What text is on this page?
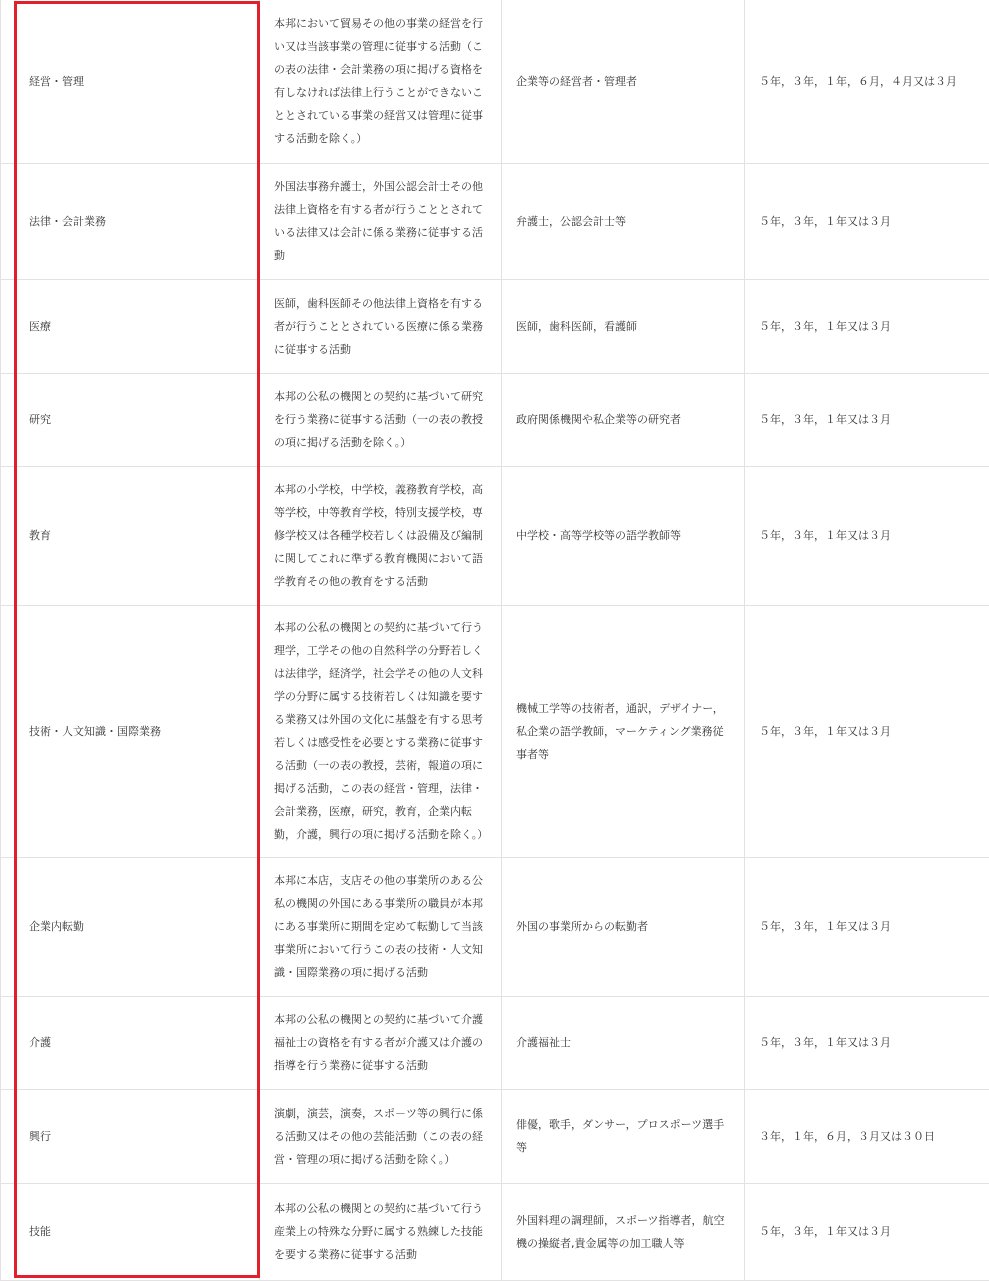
経営・管理	本邦において貿易その他の事業の経営を行い又は当該事業の管理に従事する活動（この表の法律・会計業務の項に掲げる資格を有しなければ法律上行うことができないこととされている事業の経営又は管理に従事する活動を除く。）	企業等の経営者・管理者	５年，３年，１年，６月，４月又は３月
法律・会計業務	外国法事務弁護士，外国公認会計士その他法律上資格を有する者が行うこととされている法律又は会計に係る業務に従事する活動	弁護士，公認会計士等	５年，３年，１年又は３月
医療	医師，歯科医師その他法律上資格を有する者が行うこととされている医療に係る業務に従事する活動	医師，歯科医師，看護師	５年，３年，１年又は３月
研究	本邦の公私の機関との契約に基づいて研究を行う業務に従事する活動（一の表の教授の項に掲げる活動を除く。）	政府関係機関や私企業等の研究者	５年，３年，１年又は３月
教育	本邦の小学校，中学校，義務教育学校，高等学校，中等教育学校，特別支援学校，専修学校又は各種学校若しくは設備及び編制に関してこれに準ずる教育機関において語学教育その他の教育をする活動	中学校・高等学校等の語学教師等	５年，３年，１年又は３月
技術・人文知識・国際業務	本邦の公私の機関との契約に基づいて行う理学，工学その他の自然科学の分野若しくは法律学，経済学，社会学その他の人文科学の分野に属する技術若しくは知識を要する業務又は外国の文化に基盤を有する思考若しくは感受性を必要とする業務に従事する活動（一の表の教授，芸術，報道の項に掲げる活動，この表の経営・管理，法律・会計業務，医療，研究，教育，企業内転勤，介護，興行の項に掲げる活動を除く。）	機械工学等の技術者，通訳，デザイナー，私企業の語学教師，マーケティング業務従事者等	５年，３年，１年又は３月
企業内転勤	本邦に本店，支店その他の事業所のある公私の機関の外国にある事業所の職員が本邦にある事業所に期間を定めて転勤して当該事業所において行うこの表の技術・人文知識・国際業務の項に掲げる活動	外国の事業所からの転勤者	５年，３年，１年又は３月
介護	本邦の公私の機関との契約に基づいて介護福祉士の資格を有する者が介護又は介護の指導を行う業務に従事する活動	介護福祉士	５年，３年，１年又は３月
興行	演劇，演芸，演奏，スポ－ツ等の興行に係る活動又はその他の芸能活動（この表の経営・管理の項に掲げる活動を除く。）	俳優，歌手，ダンサー，プロスポーツ選手等	３年，１年，６月，３月又は３０日
技能	本邦の公私の機関との契約に基づいて行う産業上の特殊な分野に属する熟練した技能を要する業務に従事する活動	外国料理の調理師，スポーツ指導者，航空機の操縦者,貴金属等の加工職人等	５年，３年，１年又は３月
